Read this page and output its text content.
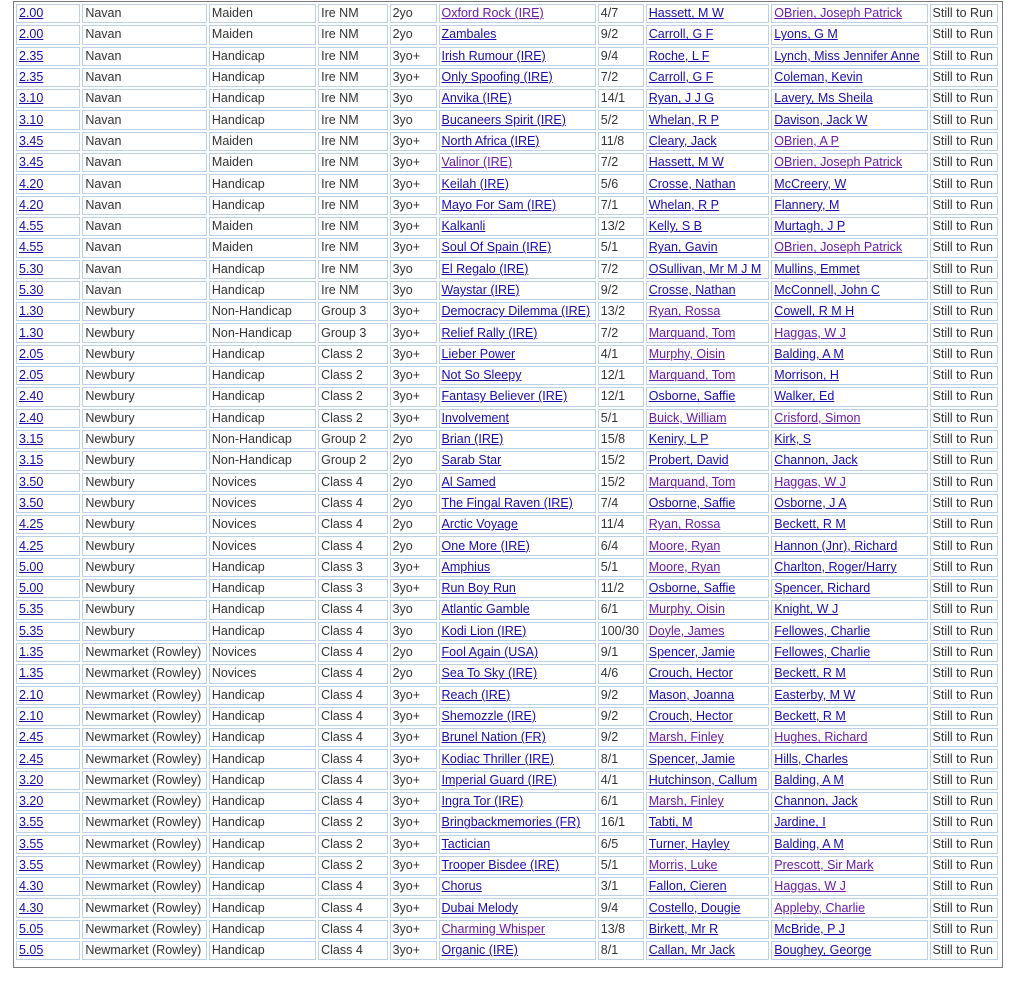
2.00	Navan	Maiden	Ire NM	2yo	Oxford Rock (IRE)	4/7	Hassett, M W	OBrien, Joseph Patrick	Still to Run
2.00	Navan	Maiden	Ire NM	2yo	Zambales	9/2	Carroll, G F	Lyons, G M	Still to Run
2.35	Navan	Handicap	Ire NM	3yo+	Irish Rumour (IRE)	9/4	Roche, L F	Lynch, Miss Jennifer Anne	Still to Run
2.35	Navan	Handicap	Ire NM	3yo+	Only Spoofing (IRE)	7/2	Carroll, G F	Coleman, Kevin	Still to Run
3.10	Navan	Handicap	Ire NM	3yo	Anvika (IRE)	14/1	Ryan, J J G	Lavery, Ms Sheila	Still to Run
3.10	Navan	Handicap	Ire NM	3yo	Bucaneers Spirit (IRE)	5/2	Whelan, R P	Davison, Jack W	Still to Run
3.45	Navan	Maiden	Ire NM	3yo+	North Africa (IRE)	11/8	Cleary, Jack	OBrien, A P	Still to Run
3.45	Navan	Maiden	Ire NM	3yo+	Valinor (IRE)	7/2	Hassett, M W	OBrien, Joseph Patrick	Still to Run
4.20	Navan	Handicap	Ire NM	3yo+	Keilah (IRE)	5/6	Crosse, Nathan	McCreery, W	Still to Run
4.20	Navan	Handicap	Ire NM	3yo+	Mayo For Sam (IRE)	7/1	Whelan, R P	Flannery, M	Still to Run
4.55	Navan	Maiden	Ire NM	3yo+	Kalkanli	13/2	Kelly, S B	Murtagh, J P	Still to Run
4.55	Navan	Maiden	Ire NM	3yo+	Soul Of Spain (IRE)	5/1	Ryan, Gavin	OBrien, Joseph Patrick	Still to Run
5.30	Navan	Handicap	Ire NM	3yo	El Regalo (IRE)	7/2	OSullivan, Mr M J M	Mullins, Emmet	Still to Run
5.30	Navan	Handicap	Ire NM	3yo	Waystar (IRE)	9/2	Crosse, Nathan	McConnell, John C	Still to Run
1.30	Newbury	Non-Handicap	Group 3	3yo+	Democracy Dilemma (IRE)	13/2	Ryan, Rossa	Cowell, R M H	Still to Run
1.30	Newbury	Non-Handicap	Group 3	3yo+	Relief Rally (IRE)	7/2	Marquand, Tom	Haggas, W J	Still to Run
2.05	Newbury	Handicap	Class 2	3yo+	Lieber Power	4/1	Murphy, Oisin	Balding, A M	Still to Run
2.05	Newbury	Handicap	Class 2	3yo+	Not So Sleepy	12/1	Marquand, Tom	Morrison, H	Still to Run
2.40	Newbury	Handicap	Class 2	3yo+	Fantasy Believer (IRE)	12/1	Osborne, Saffie	Walker, Ed	Still to Run
2.40	Newbury	Handicap	Class 2	3yo+	Involvement	5/1	Buick, William	Crisford, Simon	Still to Run
3.15	Newbury	Non-Handicap	Group 2	2yo	Brian (IRE)	15/8	Keniry, L P	Kirk, S	Still to Run
3.15	Newbury	Non-Handicap	Group 2	2yo	Sarab Star	15/2	Probert, David	Channon, Jack	Still to Run
3.50	Newbury	Novices	Class 4	2yo	Al Samed	15/2	Marquand, Tom	Haggas, W J	Still to Run
3.50	Newbury	Novices	Class 4	2yo	The Fingal Raven (IRE)	7/4	Osborne, Saffie	Osborne, J A	Still to Run
4.25	Newbury	Novices	Class 4	2yo	Arctic Voyage	11/4	Ryan, Rossa	Beckett, R M	Still to Run
4.25	Newbury	Novices	Class 4	2yo	One More (IRE)	6/4	Moore, Ryan	Hannon (Jnr), Richard	Still to Run
5.00	Newbury	Handicap	Class 3	3yo+	Amphius	5/1	Moore, Ryan	Charlton, Roger/Harry	Still to Run
5.00	Newbury	Handicap	Class 3	3yo+	Run Boy Run	11/2	Osborne, Saffie	Spencer, Richard	Still to Run
5.35	Newbury	Handicap	Class 4	3yo	Atlantic Gamble	6/1	Murphy, Oisin	Knight, W J	Still to Run
5.35	Newbury	Handicap	Class 4	3yo	Kodi Lion (IRE)	100/30	Doyle, James	Fellowes, Charlie	Still to Run
1.35	Newmarket (Rowley)	Novices	Class 4	2yo	Fool Again (USA)	9/1	Spencer, Jamie	Fellowes, Charlie	Still to Run
1.35	Newmarket (Rowley)	Novices	Class 4	2yo	Sea To Sky (IRE)	4/6	Crouch, Hector	Beckett, R M	Still to Run
2.10	Newmarket (Rowley)	Handicap	Class 4	3yo+	Reach (IRE)	9/2	Mason, Joanna	Easterby, M W	Still to Run
2.10	Newmarket (Rowley)	Handicap	Class 4	3yo+	Shemozzle (IRE)	9/2	Crouch, Hector	Beckett, R M	Still to Run
2.45	Newmarket (Rowley)	Handicap	Class 4	3yo+	Brunel Nation (FR)	9/2	Marsh, Finley	Hughes, Richard	Still to Run
2.45	Newmarket (Rowley)	Handicap	Class 4	3yo+	Kodiac Thriller (IRE)	8/1	Spencer, Jamie	Hills, Charles	Still to Run
3.20	Newmarket (Rowley)	Handicap	Class 4	3yo+	Imperial Guard (IRE)	4/1	Hutchinson, Callum	Balding, A M	Still to Run
3.20	Newmarket (Rowley)	Handicap	Class 4	3yo+	Ingra Tor (IRE)	6/1	Marsh, Finley	Channon, Jack	Still to Run
3.55	Newmarket (Rowley)	Handicap	Class 2	3yo+	Bringbackmemories (FR)	16/1	Tabti, M	Jardine, I	Still to Run
3.55	Newmarket (Rowley)	Handicap	Class 2	3yo+	Tactician	6/5	Turner, Hayley	Balding, A M	Still to Run
3.55	Newmarket (Rowley)	Handicap	Class 2	3yo+	Trooper Bisdee (IRE)	5/1	Morris, Luke	Prescott, Sir Mark	Still to Run
4.30	Newmarket (Rowley)	Handicap	Class 4	3yo+	Chorus	3/1	Fallon, Cieren	Haggas, W J	Still to Run
4.30	Newmarket (Rowley)	Handicap	Class 4	3yo+	Dubai Melody	9/4	Costello, Dougie	Appleby, Charlie	Still to Run
5.05	Newmarket (Rowley)	Handicap	Class 4	3yo+	Charming Whisper	13/8	Birkett, Mr R	McBride, P J	Still to Run
5.05	Newmarket (Rowley)	Handicap	Class 4	3yo+	Organic (IRE)	8/1	Callan, Mr Jack	Boughey, George	Still to Run
